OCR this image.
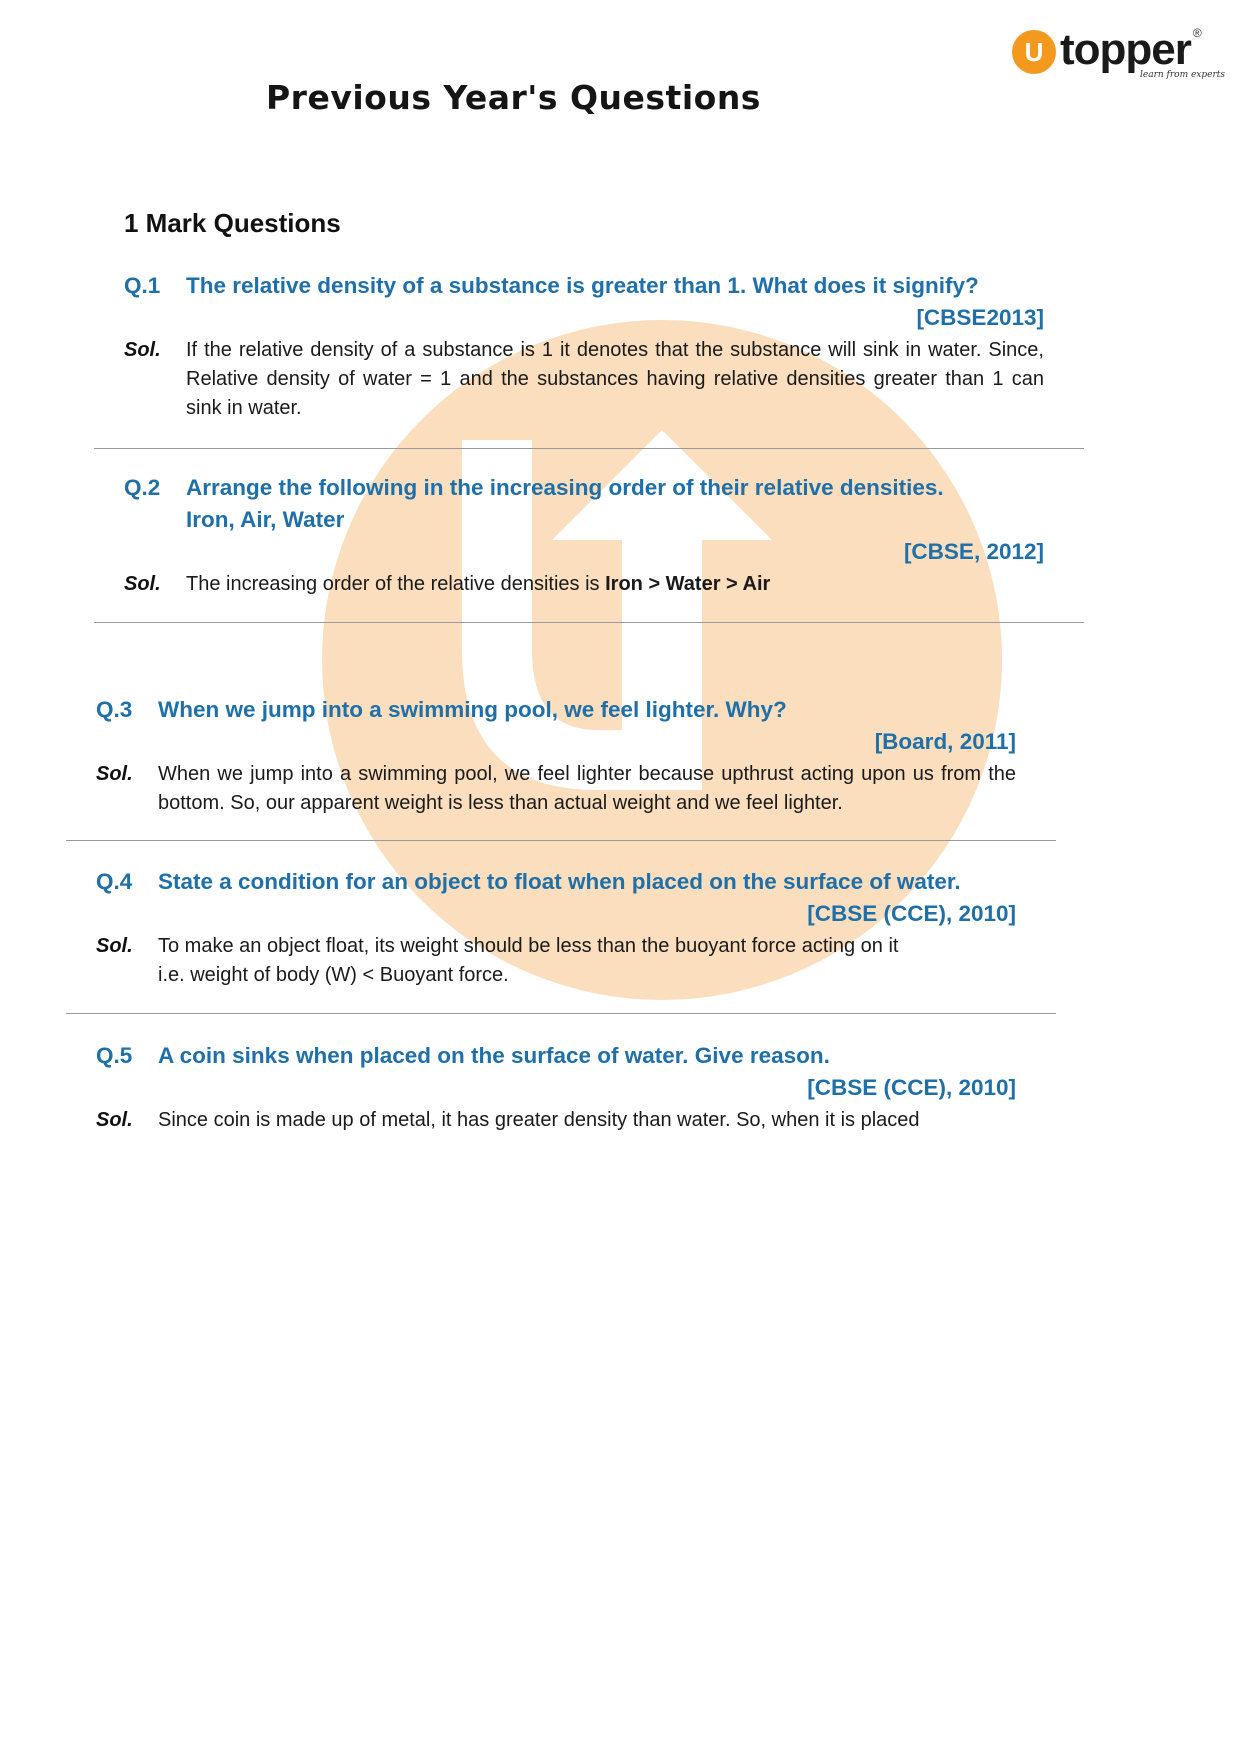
U topper ®
learn from experts
Previous Year's Questions
1 Mark Questions
Q.1	The relative density of a substance is greater than 1. What does it signify?
[CBSE2013]
Sol.	If the relative density of a substance is 1 it denotes that the substance will sink in water. Since, Relative density of water = 1 and the substances having relative densities greater than 1 can sink in water.
Q.2	Arrange the following in the increasing order of their relative densities.
Iron, Air, Water
[CBSE, 2012]
Sol.	The increasing order of the relative densities is Iron > Water > Air
Q.3	When we jump into a swimming pool, we feel lighter. Why?
[Board, 2011]
Sol.	When we jump into a swimming pool, we feel lighter because upthrust acting upon us from the bottom. So, our apparent weight is less than actual weight and we feel lighter.
Q.4	State a condition for an object to float when placed on the surface of water.
[CBSE (CCE), 2010]
Sol.	To make an object float, its weight should be less than the buoyant force acting on it
i.e. weight of body (W) < Buoyant force.
Q.5	A coin sinks when placed on the surface of water. Give reason.
[CBSE (CCE), 2010]
Sol.	Since coin is made up of metal, it has greater density than water. So, when it is placed
